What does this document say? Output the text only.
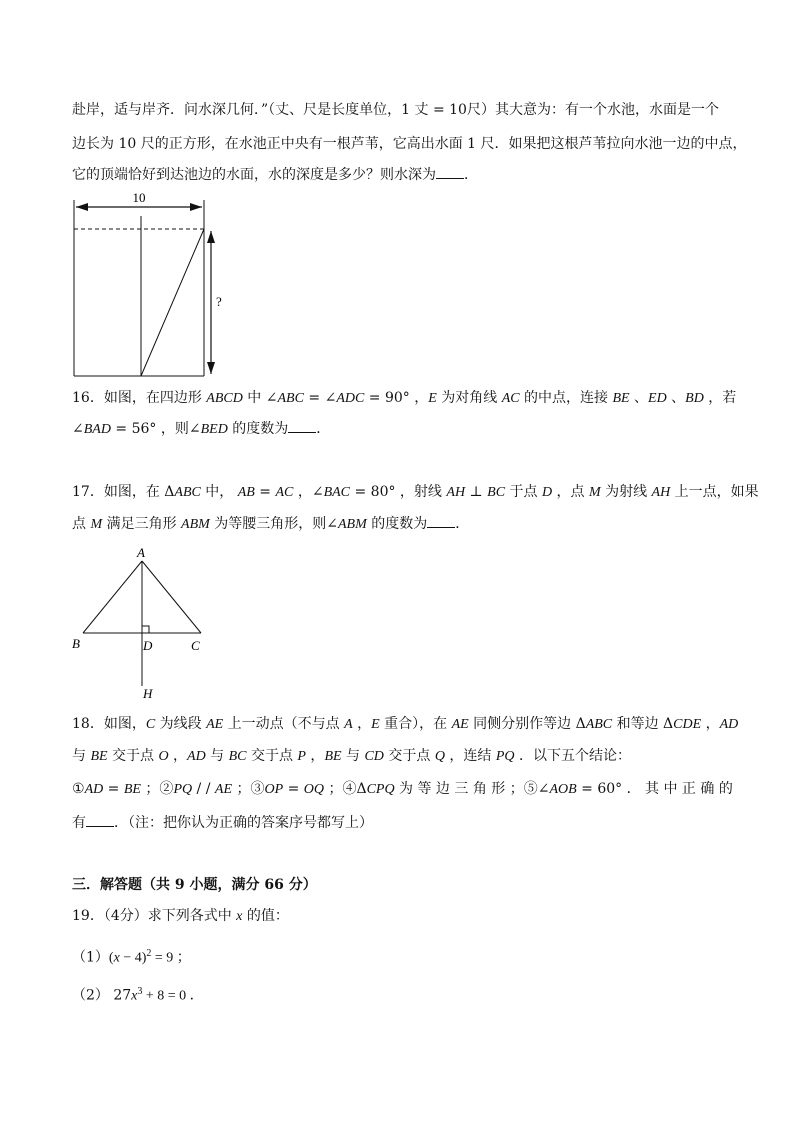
赴岸，适与岸齐．问水深几何．”（丈、尺是长度单位，1 丈 = 10尺）其大意为：有一个水池，水面是一个
边长为 10 尺的正方形，在水池正中央有一根芦苇，它高出水面 1 尺．如果把这根芦苇拉向水池一边的中点，
它的顶端恰好到达池边的水面，水的深度是多少？则水深为 ．
10
?
A
B	D	C
H
16．如图，在四边形 ABCD 中 ∠ABC = ∠ADC = 90° ，E 为对角线 AC 的中点，连接 BE 、ED 、BD ，若
∠BAD = 56° ，则∠BED 的度数为 ．
17．如图，在 ΔABC 中， AB = AC ，∠BAC = 80° ，射线 AH ⊥ BC 于点 D ，点 M 为射线 AH 上一点，如果
点 M 满足三角形 ABM 为等腰三角形，则∠ABM 的度数为 ．
18．如图，C 为线段 AE 上一动点（不与点 A ，E 重合），在 AE 同侧分别作等边 ΔABC 和等边 ΔCDE ，AD
与 BE 交于点 O ，AD 与 BC 交于点 P ，BE 与 CD 交于点 Q ，连结 PQ ．以下五个结论：
①AD = BE ；②PQ / / AE ；③OP = OQ ；④ΔCPQ 为 等 边 三 角 形 ；⑤∠AOB = 60° ． 其 中 正 确 的
有 ．（注：把你认为正确的答案序号都写上）
三．解答题（共 9 小题，满分 66 分）
19．（4分）求下列各式中 x 的值：
$(1)(x - 4)^2 = 9$ ；
（2） $27x^3 + 8 = 0$ ．
